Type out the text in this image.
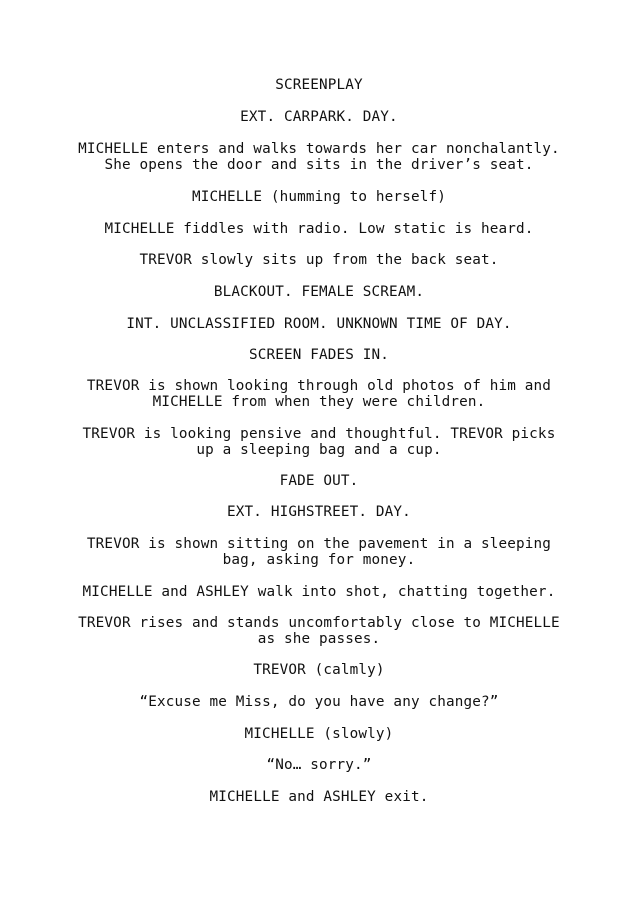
SCREENPLAY
EXT. CARPARK. DAY.
MICHELLE enters and walks towards her car nonchalantly.
She opens the door and sits in the driver’s seat.
MICHELLE (humming to herself)
MICHELLE fiddles with radio. Low static is heard.
TREVOR slowly sits up from the back seat.
BLACKOUT. FEMALE SCREAM.
INT. UNCLASSIFIED ROOM. UNKNOWN TIME OF DAY.
SCREEN FADES IN.
TREVOR is shown looking through old photos of him and
MICHELLE from when they were children.
TREVOR is looking pensive and thoughtful. TREVOR picks
up a sleeping bag and a cup.
FADE OUT.
EXT. HIGHSTREET. DAY.
TREVOR is shown sitting on the pavement in a sleeping
bag, asking for money.
MICHELLE and ASHLEY walk into shot, chatting together.
TREVOR rises and stands uncomfortably close to MICHELLE
as she passes.
TREVOR (calmly)
“Excuse me Miss, do you have any change?”
MICHELLE (slowly)
“No… sorry.”
MICHELLE and ASHLEY exit.
